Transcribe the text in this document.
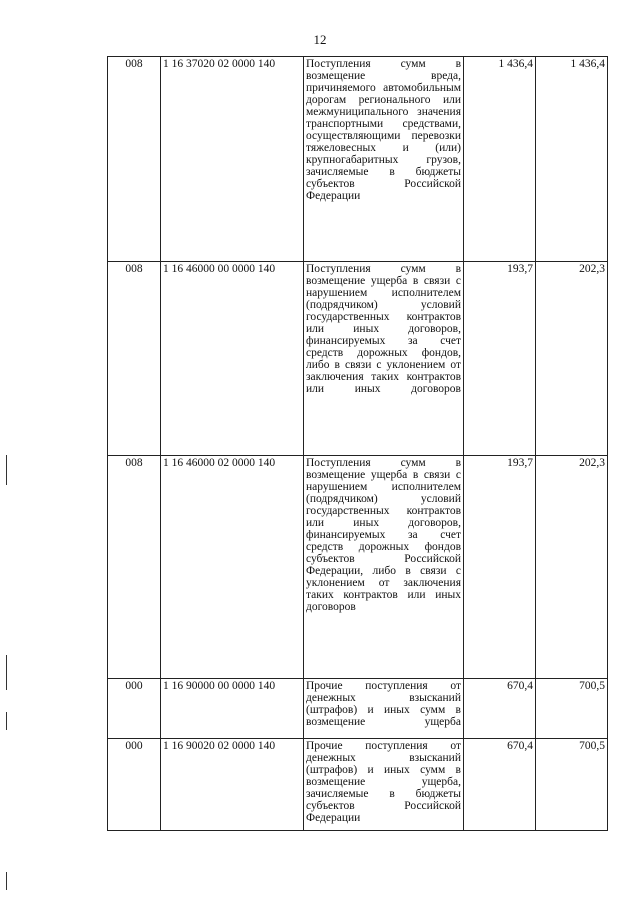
12
008	1 16 37020 02 0000 140	Поступления сумм в возмещение вреда, причиняемого автомобильным дорогам регионального или межмуниципального значения транспортными средствами, осуществляющими перевозки тяжеловесных и (или) крупногабаритных грузов, зачисляемые в бюджеты субъектов Российской Федерации	1 436,4	1 436,4
008	1 16 46000 00 0000 140	Поступления сумм в возмещение ущерба в связи с нарушением исполнителем (подрядчиком) условий государственных контрактов или иных договоров, финансируемых за счет средств дорожных фондов, либо в связи с уклонением от заключения таких контрактов или иных договоров	193,7	202,3
008	1 16 46000 02 0000 140	Поступления сумм в возмещение ущерба в связи с нарушением исполнителем (подрядчиком) условий государственных контрактов или иных договоров, финансируемых за счет средств дорожных фондов субъектов Российской Федерации, либо в связи с уклонением от заключения таких контрактов или иных договоров	193,7	202,3
000	1 16 90000 00 0000 140	Прочие поступления от денежных взысканий (штрафов) и иных сумм в возмещение ущерба	670,4	700,5
000	1 16 90020 02 0000 140	Прочие поступления от денежных взысканий (штрафов) и иных сумм в возмещение ущерба, зачисляемые в бюджеты субъектов Российской Федерации	670,4	700,5
